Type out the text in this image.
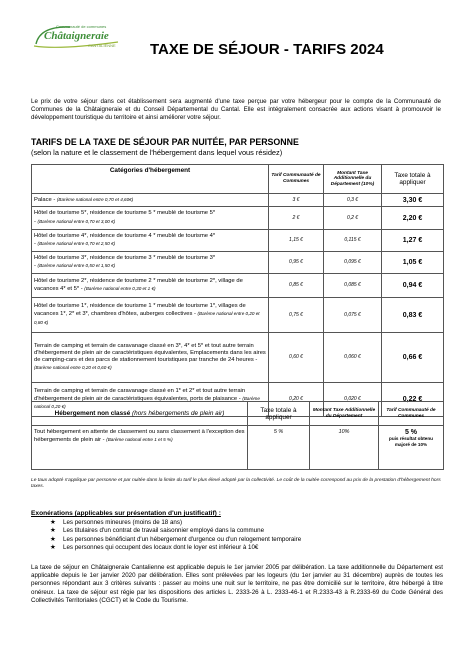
Communauté de communes
Châtaigneraie
CANTALIENNE TAXE DE SÉJOUR - TARIFS 2024

Le prix de votre séjour dans cet établissement sera augmenté d'une taxe perçue par votre hébergeur pour le compte de la Communauté de Communes de la Châtaigneraie et du Conseil Départemental du Cantal. Elle est intégralement consacrée aux actions visant à promouvoir le développement touristique du territoire et ainsi améliorer votre séjour.

TARIFS DE LA TAXE DE SÉJOUR PAR NUITÉE, PAR PERSONNE
(selon la nature et le classement de l'hébergement dans lequel vous résidez)
Catégories d'hébergement	Tarif Communauté de Communes	Montant Taxe Additionnelle du Département (10%)	Taxe totale à appliquer
Palace - (Barème national entre 0,70 et 4,60€)	3 €	0,3 €	3,30 €
Hôtel de tourisme 5*, résidence de tourisme 5 * meublé de tourisme 5*
- (Barème national entre 0,70 et 3,00 €)	2 €	0,2 €	2,20 €
Hôtel de tourisme 4*, résidence de tourisme 4 * meublé de tourisme 4*
- (Barème national entre 0,70 et 2,50 €)	1,15 €	0,115 €	1,27 €
Hôtel de tourisme 3*, résidence de tourisme 3 * meublé de tourisme 3*
- (Barème national entre 0,50 et 1,50 €)	0,95 €	0,095 €	1,05 €
Hôtel de tourisme 2*, résidence de tourisme 2 * meublé de tourisme 2*, village de vacances 4* et 5* - (Barème national entre 0,30 et 1 €)	0,85 €	0,085 €	0,94 €
Hôtel de tourisme 1*, résidence de tourisme 1 * meublé de tourisme 1*, villages de vacances 1*, 2* et 3*, chambres d'hôtes, auberges collectives - (Barème national entre 0,20 et 0,80 €)	0,75 €	0,075 €	0,83 €
Terrain de camping et terrain de caravanage classé en 3*, 4* et 5* et tout autre terrain d'hébergement de plein air de caractéristiques équivalentes, Emplacements dans les aires de camping-cars et des parcs de stationnement touristiques par tranche de 24 heures - (Barème national entre 0,20 et 0,60 €)	0,60 €	0,060 €	0,66 €
Terrain de camping et terrain de caravanage classé en 1* et 2* et tout autre terrain d'hébergement de plein air de caractéristiques équivalentes, ports de plaisance - (Barème national 0,20 €)	0,20 €	0,020 €	0,22 €
Hébergement non classé (hors hébergements de plein air)	Taxe totale à appliquer	Montant Taxe Additionnelle du Département	Tarif Communauté de Communes
Tout hébergement en attente de classement ou sans classement à l'exception des hébergements de plein air - (Barème national entre 1 et 5 %)	5 %	10%	5 %
puis résultat obtenu majoré de 10%
Le taux adopté s'applique par personne et par nuitée dans la limite du tarif le plus élevé adopté par la collectivité. Le coût de la nuitée correspond au prix de la prestation d'hébergement hors taxes.
Exonérations (applicables sur présentation d'un justificatif) :
★ Les personnes mineures (moins de 18 ans)
★ Les titulaires d'un contrat de travail saisonnier employé dans la commune
★ Les personnes bénéficiant d'un hébergement d'urgence ou d'un relogement temporaire
★ Les personnes qui occupent des locaux dont le loyer est inférieur à 10€

La taxe de séjour en Châtaigneraie Cantalienne est applicable depuis le 1er janvier 2005 par délibération. La taxe additionnelle du Département est applicable depuis le 1er janvier 2020 par délibération. Elles sont prélevées par les logeurs (du 1er janvier au 31 décembre) auprès de toutes les personnes répondant aux 3 critères suivants : passer au moins une nuit sur le territoire, ne pas être domicilié sur le territoire, être hébergé à titre onéreux. La taxe de séjour est régie par les dispositions des articles L. 2333-26 à L. 2333-46-1 et R.2333-43 à R.2333-69 du Code Général des Collectivités Territoriales (CGCT) et le Code du Tourisme.
